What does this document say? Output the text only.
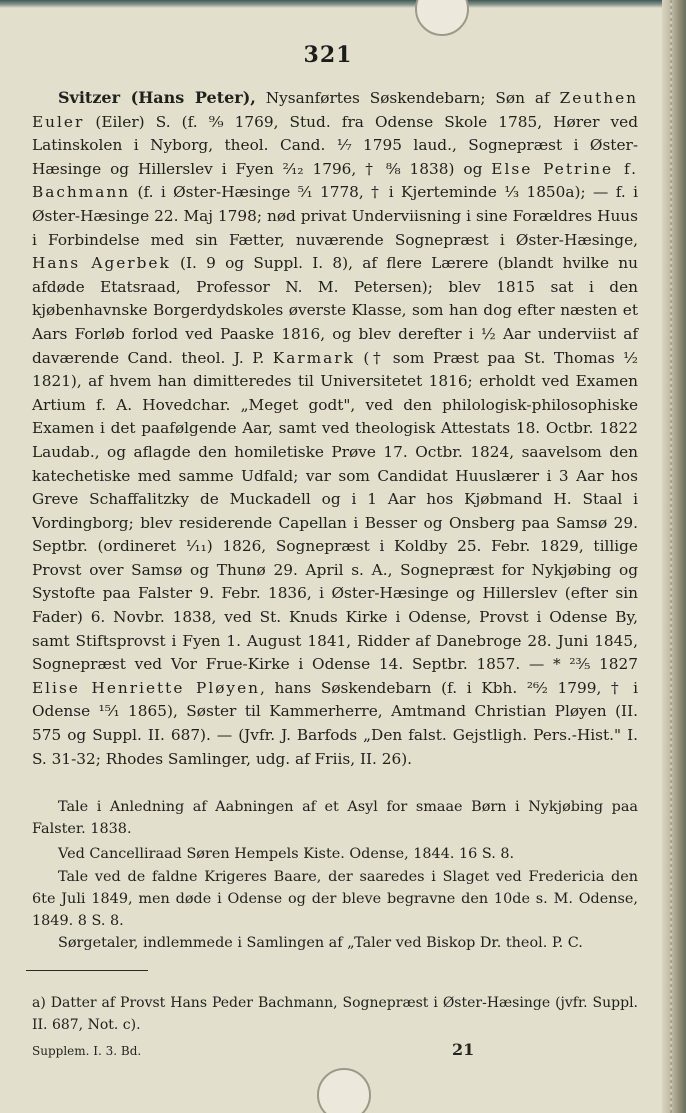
321

Svitzer (Hans Peter), Nysanførtes Søskendebarn; Søn af Zeuthen Euler (Eiler) S. (f. ⁹⁄₉ 1769, Stud. fra Odense Skole 1785, Hører ved Latinskolen i Nyborg, theol. Cand. ¹⁄₇ 1795 laud., Sognepræst i Øster-Hæsinge og Hillerslev i Fyen ²⁄₁₂ 1796, † ⁸⁄₈ 1838) og Else Petrine f. Bachmann (f. i Øster-Hæsinge ⁵⁄₁ 1778, † i Kjerteminde ¹⁄₃ 1850a); — f. i Øster-Hæsinge 22. Maj 1798; nød privat Underviisning i sine Forældres Huus i Forbindelse med sin Fætter, nuværende Sognepræst i Øster-Hæsinge, Hans Agerbek (I. 9 og Suppl. I. 8), af flere Lærere (blandt hvilke nu afdøde Etatsraad, Professor N. M. Petersen); blev 1815 sat i den kjøbenhavnske Borgerdydskoles øverste Klasse, som han dog efter næsten et Aars Forløb forlod ved Paaske 1816, og blev derefter i ½ Aar underviist af daværende Cand. theol. J. P. Karmark († som Præst paa St. Thomas ¹⁄₂ 1821), af hvem han dimitteredes til Universitetet 1816; erholdt ved Examen Artium f. A. Hovedchar. „Meget godt", ved den philologisk-philosophiske Examen i det paafølgende Aar, samt ved theologisk Attestats 18. Octbr. 1822 Laudab., og aflagde den homiletiske Prøve 17. Octbr. 1824, saavelsom den katechetiske med samme Udfald; var som Candidat Huuslærer i 3 Aar hos Greve Schaffalitzky de Muckadell og i 1 Aar hos Kjøbmand H. Staal i Vordingborg; blev residerende Capellan i Besser og Onsberg paa Samsø 29. Septbr. (ordineret ¹⁄₁₁) 1826, Sognepræst i Koldby 25. Febr. 1829, tillige Provst over Samsø og Thunø 29. April s. A., Sognepræst for Nykjøbing og Systofte paa Falster 9. Febr. 1836, i Øster-Hæsinge og Hillerslev (efter sin Fader) 6. Novbr. 1838, ved St. Knuds Kirke i Odense, Provst i Odense By, samt Stiftsprovst i Fyen 1. August 1841, Ridder af Danebroge 28. Juni 1845, Sognepræst ved Vor Frue-Kirke i Odense 14. Septbr. 1857. — * ²³⁄₅ 1827 Elise Henriette Pløyen, hans Søskendebarn (f. i Kbh. ²⁶⁄₂ 1799, † i Odense ¹⁵⁄₁ 1865), Søster til Kammerherre, Amtmand Christian Pløyen (II. 575 og Suppl. II. 687). — (Jvfr. J. Barfods „Den falst. Gejstligh. Pers.-Hist." I. S. 31-32; Rhodes Samlinger, udg. af Friis, II. 26).

Tale i Anledning af Aabningen af et Asyl for smaae Børn i Nykjøbing paa Falster. 1838.

Ved Cancelliraad Søren Hempels Kiste. Odense, 1844. 16 S. 8.

Tale ved de faldne Krigeres Baare, der saaredes i Slaget ved Fredericia den 6te Juli 1849, men døde i Odense og der bleve begravne den 10de s. M. Odense, 1849. 8 S. 8.

Sørgetaler, indlemmede i Samlingen af „Taler ved Biskop Dr. theol. P. C.

a) Datter af Provst Hans Peder Bachmann, Sognepræst i Øster-Hæsinge (jvfr. Suppl. II. 687, Not. c).

Supplem. I. 3. Bd.	21
